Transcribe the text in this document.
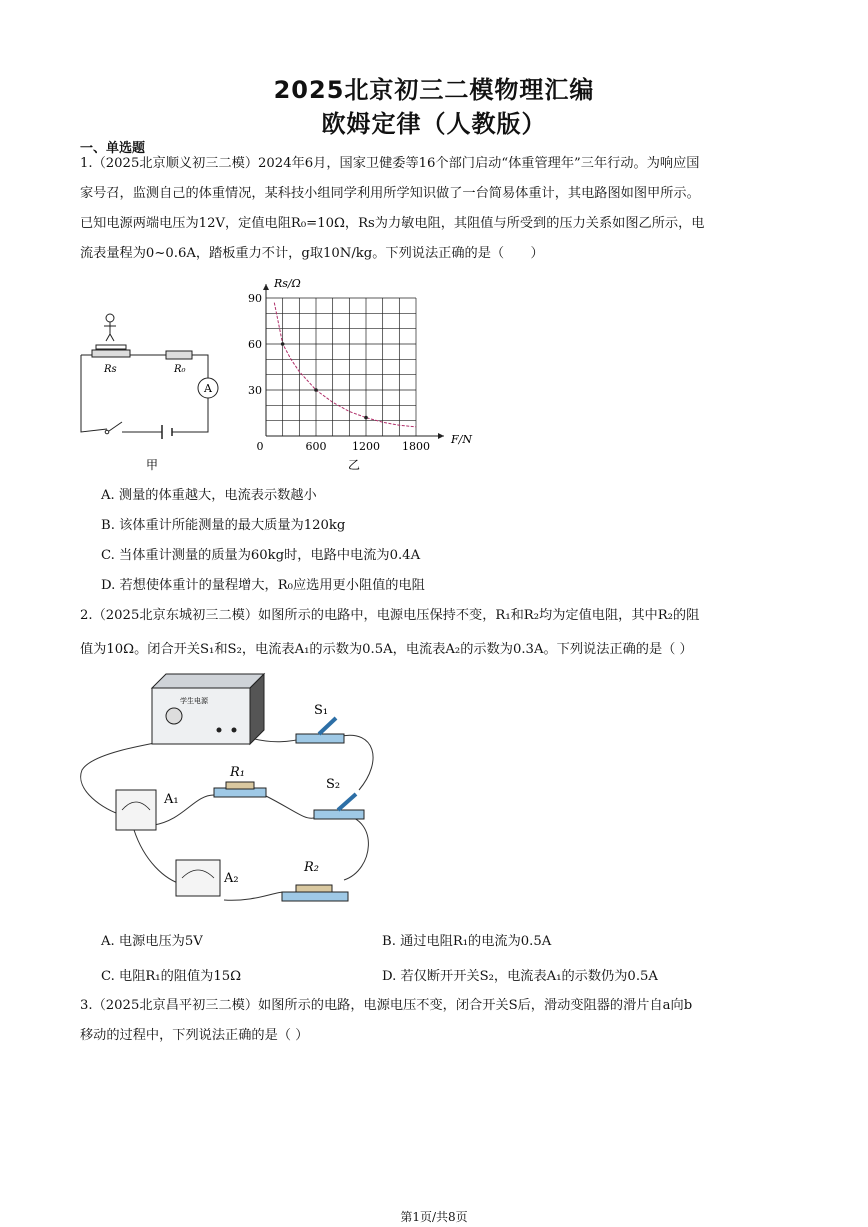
2025北京初三二模物理汇编
欧姆定律（人教版）
一、单选题
1.（2025北京顺义初三二模）2024年6月，国家卫健委等16个部门启动“体重管理年”三年行动。为响应国
家号召，监测自己的体重情况，某科技小组同学利用所学知识做了一台简易体重计，其电路图如图甲所示。
已知电源两端电压为12V，定值电阻R₀=10Ω，Rs为力敏电阻，其阻值与所受到的压力关系如图乙所示，电
流表量程为0~0.6A，踏板重力不计，g取10N/kg。下列说法正确的是（　　）
A
Rs	R₀
甲
0	600 1200 1800
30
60
90
Rs/Ω
F/N
乙
A. 测量的体重越大，电流表示数越小
B. 该体重计所能测量的最大质量为120kg
C. 当体重计测量的质量为60kg时，电路中电流为0.4A
D. 若想使体重计的量程增大，R₀应选用更小阻值的电阻
2.（2025北京东城初三二模）如图所示的电路中，电源电压保持不变，R₁和R₂均为定值电阻，其中R₂的阻
值为10Ω。闭合开关S₁和S₂，电流表A₁的示数为0.5A，电流表A₂的示数为0.3A。下列说法正确的是（ ）
学生电源
S₁
S₂
R₁
R₂
A₁
A₂
A. 电源电压为5V	B. 通过电阻R₁的电流为0.5A
C. 电阻R₁的阻值为15Ω	D. 若仅断开开关S₂，电流表A₁的示数仍为0.5A
3.（2025北京昌平初三二模）如图所示的电路，电源电压不变，闭合开关S后，滑动变阻器的滑片自a向b
移动的过程中，下列说法正确的是（ ）
第1页/共8页
